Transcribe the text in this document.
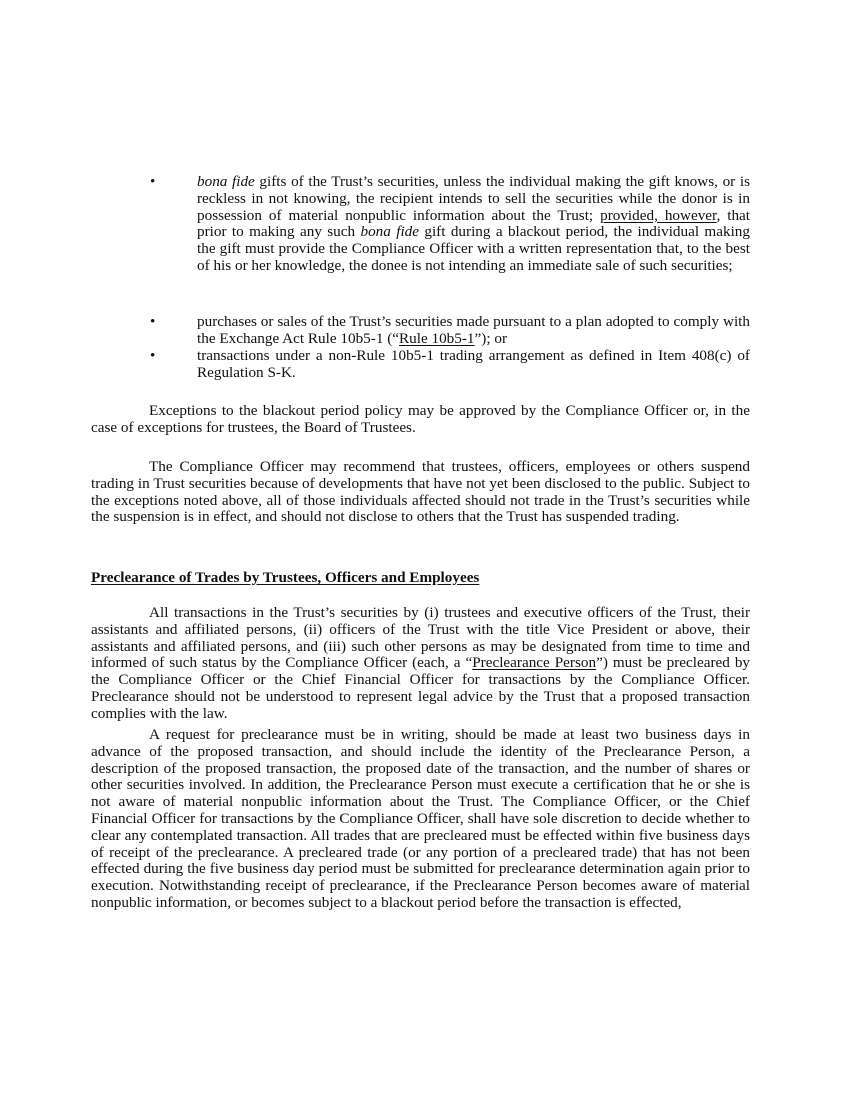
•	bona fide gifts of the Trust’s securities, unless the individual making the gift knows, or is reckless in not knowing, the recipient intends to sell the securities while the donor is in possession of material nonpublic information about the Trust; provided, however, that prior to making any such bona fide gift during a blackout period, the individual making the gift must provide the Compliance Officer with a written representation that, to the best of his or her knowledge, the donee is not intending an immediate sale of such securities;
•	purchases or sales of the Trust’s securities made pursuant to a plan adopted to comply with the Exchange Act Rule 10b5-1 (“Rule 10b5-1”); or
•	transactions under a non-Rule 10b5-1 trading arrangement as defined in Item 408(c) of Regulation S-K.

Exceptions to the blackout period policy may be approved by the Compliance Officer or, in the case of exceptions for trustees, the Board of Trustees.

The Compliance Officer may recommend that trustees, officers, employees or others suspend trading in Trust securities because of developments that have not yet been disclosed to the public. Subject to the exceptions noted above, all of those individuals affected should not trade in the Trust’s securities while the suspension is in effect, and should not disclose to others that the Trust has suspended trading.

Preclearance of Trades by Trustees, Officers and Employees

All transactions in the Trust’s securities by (i) trustees and executive officers of the Trust, their assistants and affiliated persons, (ii) officers of the Trust with the title Vice President or above, their assistants and affiliated persons, and (iii) such other persons as may be designated from time to time and informed of such status by the Compliance Officer (each, a “Preclearance Person”) must be precleared by the Compliance Officer or the Chief Financial Officer for transactions by the Compliance Officer. Preclearance should not be understood to represent legal advice by the Trust that a proposed transaction complies with the law.

A request for preclearance must be in writing, should be made at least two business days in advance of the proposed transaction, and should include the identity of the Preclearance Person, a description of the proposed transaction, the proposed date of the transaction, and the number of shares or other securities involved. In addition, the Preclearance Person must execute a certification that he or she is not aware of material nonpublic information about the Trust. The Compliance Officer, or the Chief Financial Officer for transactions by the Compliance Officer, shall have sole discretion to decide whether to clear any contemplated transaction. All trades that are precleared must be effected within five business days of receipt of the preclearance. A precleared trade (or any portion of a precleared trade) that has not been effected during the five business day period must be submitted for preclearance determination again prior to execution. Notwithstanding receipt of preclearance, if the Preclearance Person becomes aware of material nonpublic information, or becomes subject to a blackout period before the transaction is effected,
